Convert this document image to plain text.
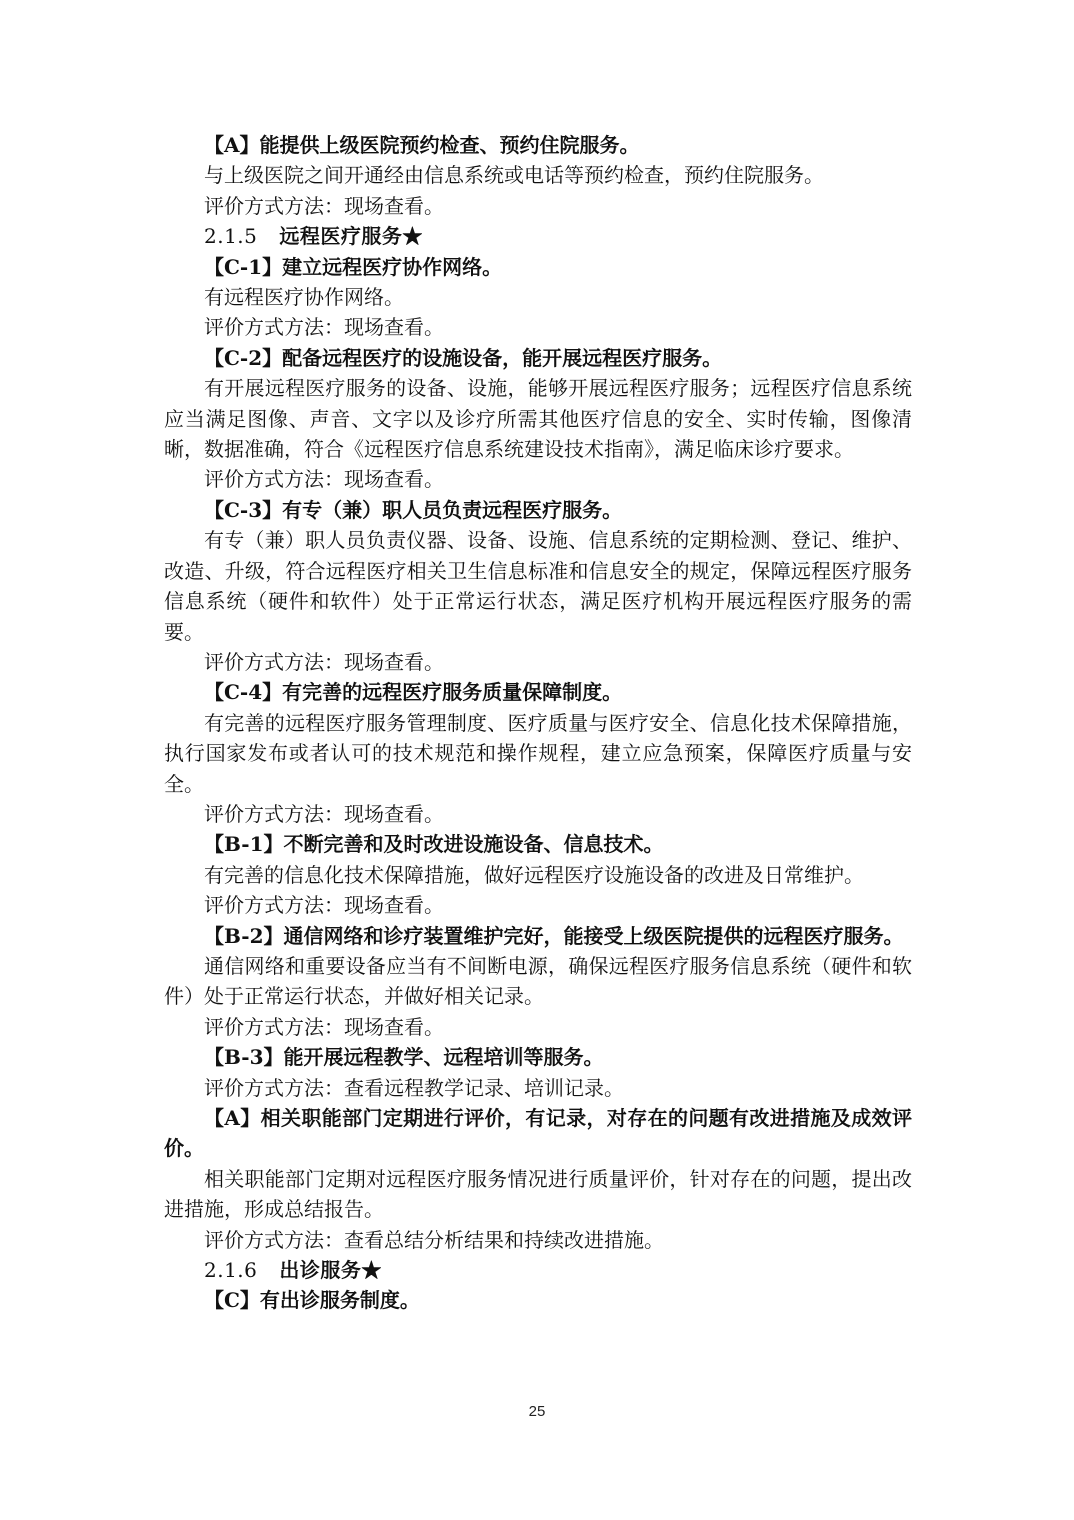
【A】能提供上级医院预约检查、预约住院服务。

与上级医院之间开通经由信息系统或电话等预约检查，预约住院服务。

评价方式方法：现场查看。

2.1.5 远程医疗服务★

【C-1】建立远程医疗协作网络。

有远程医疗协作网络。

评价方式方法：现场查看。

【C-2】配备远程医疗的设施设备，能开展远程医疗服务。

有开展远程医疗服务的设备、设施，能够开展远程医疗服务；远程医疗信息系统应当满足图像、声音、文字以及诊疗所需其他医疗信息的安全、实时传输，图像清晰，数据准确，符合《远程医疗信息系统建设技术指南》，满足临床诊疗要求。

评价方式方法：现场查看。

【C-3】有专（兼）职人员负责远程医疗服务。

有专（兼）职人员负责仪器、设备、设施、信息系统的定期检测、登记、维护、改造、升级，符合远程医疗相关卫生信息标准和信息安全的规定，保障远程医疗服务信息系统（硬件和软件）处于正常运行状态，满足医疗机构开展远程医疗服务的需要。

评价方式方法：现场查看。

【C-4】有完善的远程医疗服务质量保障制度。

有完善的远程医疗服务管理制度、医疗质量与医疗安全、信息化技术保障措施，执行国家发布或者认可的技术规范和操作规程，建立应急预案，保障医疗质量与安全。

评价方式方法：现场查看。

【B-1】不断完善和及时改进设施设备、信息技术。

有完善的信息化技术保障措施，做好远程医疗设施设备的改进及日常维护。

评价方式方法：现场查看。

【B-2】通信网络和诊疗装置维护完好，能接受上级医院提供的远程医疗服务。

通信网络和重要设备应当有不间断电源，确保远程医疗服务信息系统（硬件和软件）处于正常运行状态，并做好相关记录。

评价方式方法：现场查看。

【B-3】能开展远程教学、远程培训等服务。

评价方式方法：查看远程教学记录、培训记录。

【A】相关职能部门定期进行评价，有记录，对存在的问题有改进措施及成效评价。

相关职能部门定期对远程医疗服务情况进行质量评价，针对存在的问题，提出改进措施，形成总结报告。

评价方式方法：查看总结分析结果和持续改进措施。

2.1.6 出诊服务★

【C】有出诊服务制度。

25
